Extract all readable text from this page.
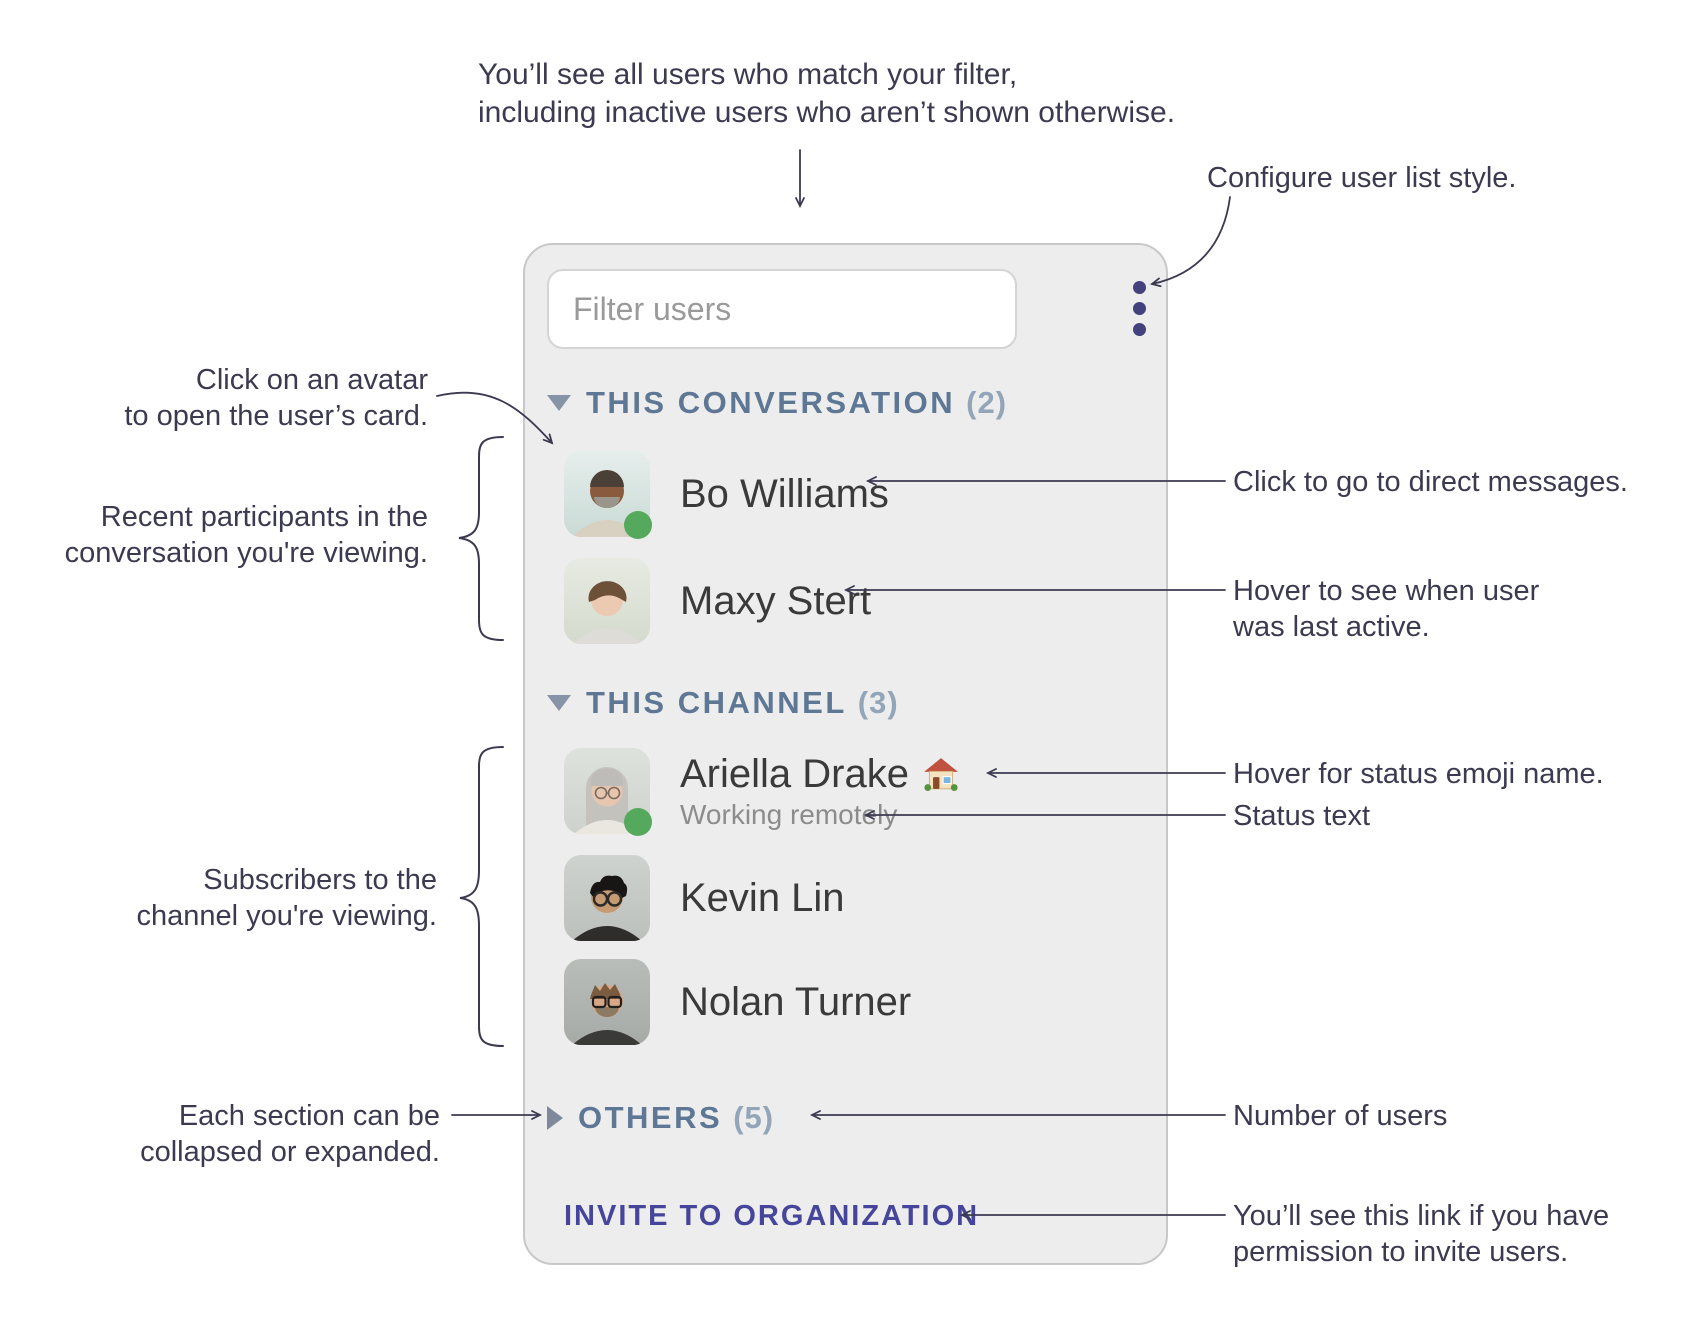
Filter users
THIS CONVERSATION (2)
Bo Williams
Maxy Stert
THIS CHANNEL (3)
Ariella Drake
Working remotely
Kevin Lin
Nolan Turner
OTHERS (5)
INVITE TO ORGANIZATION
You’ll see all users who match your filter,
including inactive users who aren’t shown otherwise.
Configure user list style.
Click on an avatar
to open the user’s card.
Recent participants in the
conversation you're viewing.
Click to go to direct messages.
Hover to see when user
was last active.
Hover for status emoji name.
Status text
Subscribers to the
channel you're viewing.
Each section can be
collapsed or expanded.
Number of users
You’ll see this link if you have
permission to invite users.
